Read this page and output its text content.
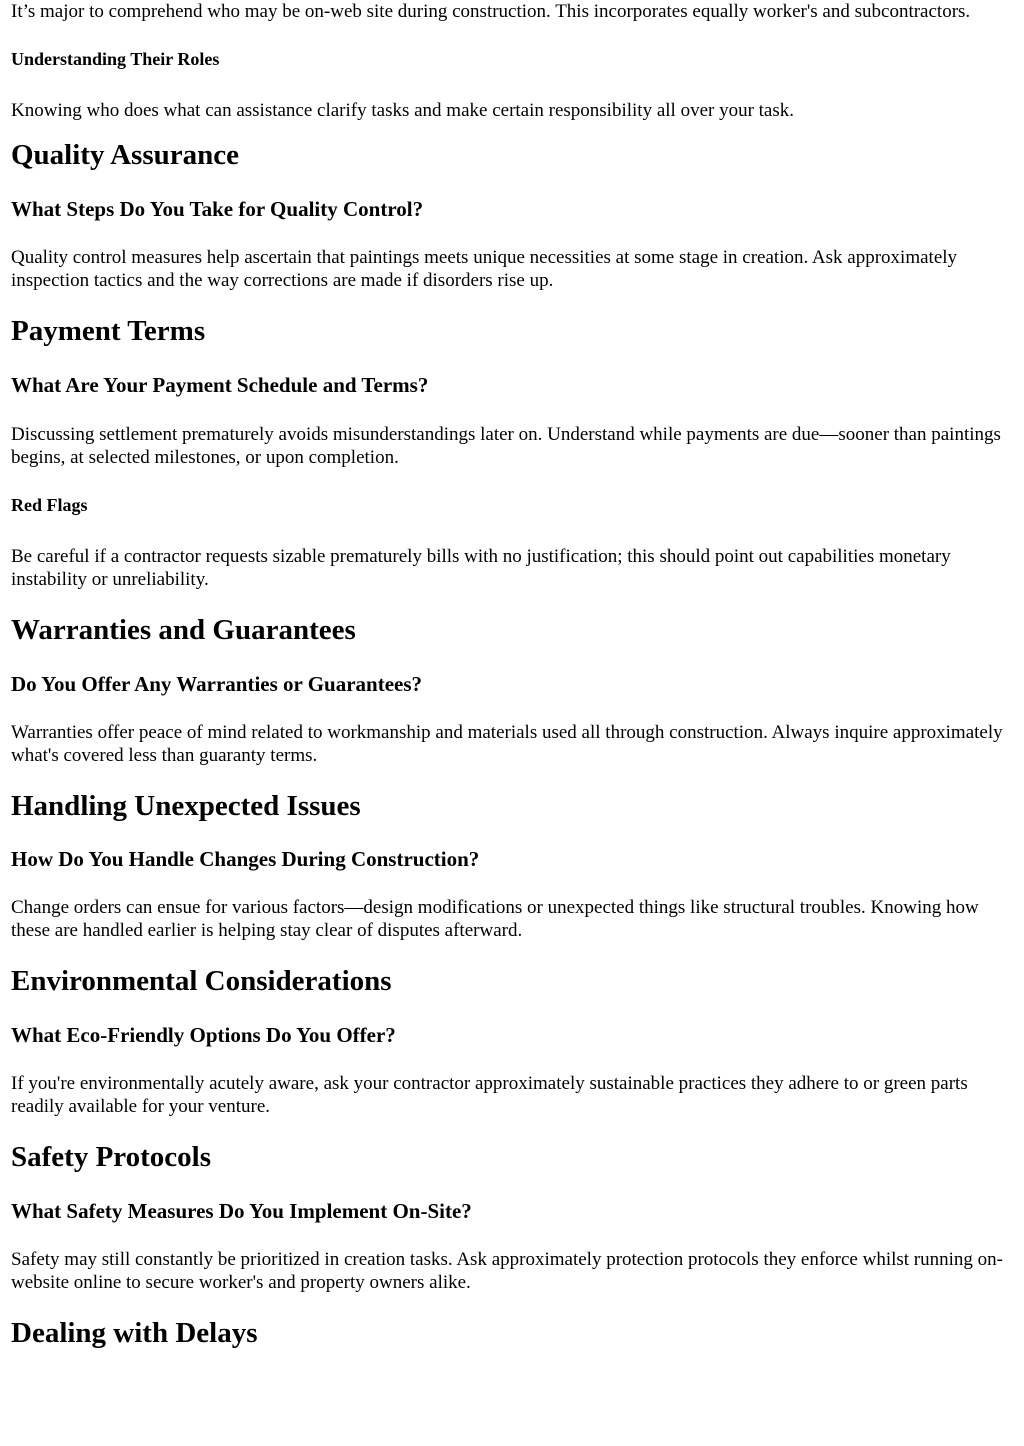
It’s major to comprehend who may be on-web site during construction. This incorporates equally worker's and subcontractors.

Understanding Their Roles

Knowing who does what can assistance clarify tasks and make certain responsibility all over your task.

Quality Assurance
What Steps Do You Take for Quality Control?

Quality control measures help ascertain that paintings meets unique necessities at some stage in creation. Ask approximately inspection tactics and the way corrections are made if disorders rise up.

Payment Terms
What Are Your Payment Schedule and Terms?

Discussing settlement prematurely avoids misunderstandings later on. Understand while payments are due—sooner than paintings begins, at selected milestones, or upon completion.

Red Flags

Be careful if a contractor requests sizable prematurely bills with no justification; this should point out capabilities monetary instability or unreliability.

Warranties and Guarantees
Do You Offer Any Warranties or Guarantees?

Warranties offer peace of mind related to workmanship and materials used all through construction. Always inquire approximately what's covered less than guaranty terms.

Handling Unexpected Issues
How Do You Handle Changes During Construction?

Change orders can ensue for various factors—design modifications or unexpected things like structural troubles. Knowing how these are handled earlier is helping stay clear of disputes afterward.

Environmental Considerations
What Eco-Friendly Options Do You Offer?

If you're environmentally acutely aware, ask your contractor approximately sustainable practices they adhere to or green parts readily available for your venture.

Safety Protocols
What Safety Measures Do You Implement On-Site?

Safety may still constantly be prioritized in creation tasks. Ask approximately protection protocols they enforce whilst running on-website online to secure worker's and property owners alike.

Dealing with Delays
